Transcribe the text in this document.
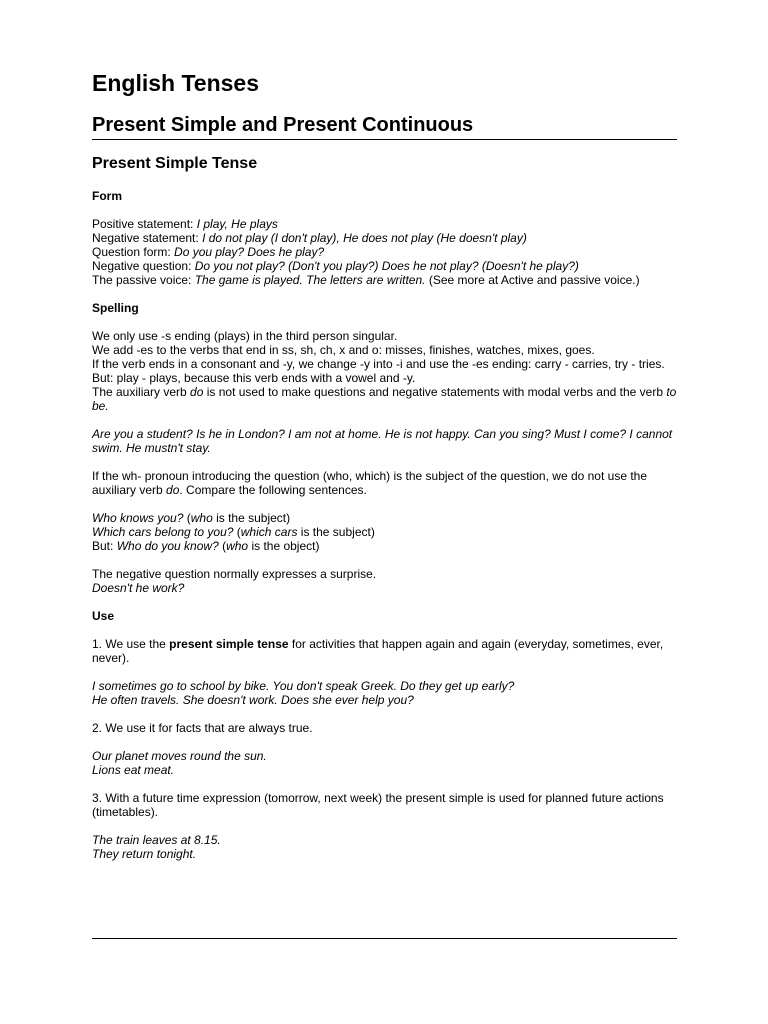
English Tenses
Present Simple and Present Continuous
Present Simple Tense
Form
Positive statement: I play, He plays
Negative statement: I do not play (I don't play), He does not play (He doesn't play)
Question form: Do you play? Does he play?
Negative question: Do you not play? (Don't you play?) Does he not play? (Doesn't he play?)
The passive voice: The game is played. The letters are written. (See more at Active and passive voice.)
Spelling
We only use -s ending (plays) in the third person singular.
We add -es to the verbs that end in ss, sh, ch, x and o: misses, finishes, watches, mixes, goes.
If the verb ends in a consonant and -y, we change -y into -i and use the -es ending: carry - carries, try - tries.
But: play - plays, because this verb ends with a vowel and -y.
The auxiliary verb do is not used to make questions and negative statements with modal verbs and the verb to be.
Are you a student? Is he in London? I am not at home. He is not happy. Can you sing? Must I come? I cannot swim. He mustn't stay.
If the wh- pronoun introducing the question (who, which) is the subject of the question, we do not use the auxiliary verb do. Compare the following sentences.
Who knows you? (who is the subject)
Which cars belong to you? (which cars is the subject)
But: Who do you know? (who is the object)
The negative question normally expresses a surprise.
Doesn't he work?
Use
1. We use the present simple tense for activities that happen again and again (everyday, sometimes, ever, never).
I sometimes go to school by bike. You don't speak Greek. Do they get up early?
He often travels. She doesn't work. Does she ever help you?
2. We use it for facts that are always true.
Our planet moves round the sun.
Lions eat meat.
3. With a future time expression (tomorrow, next week) the present simple is used for planned future actions (timetables).
The train leaves at 8.15.
They return tonight.
